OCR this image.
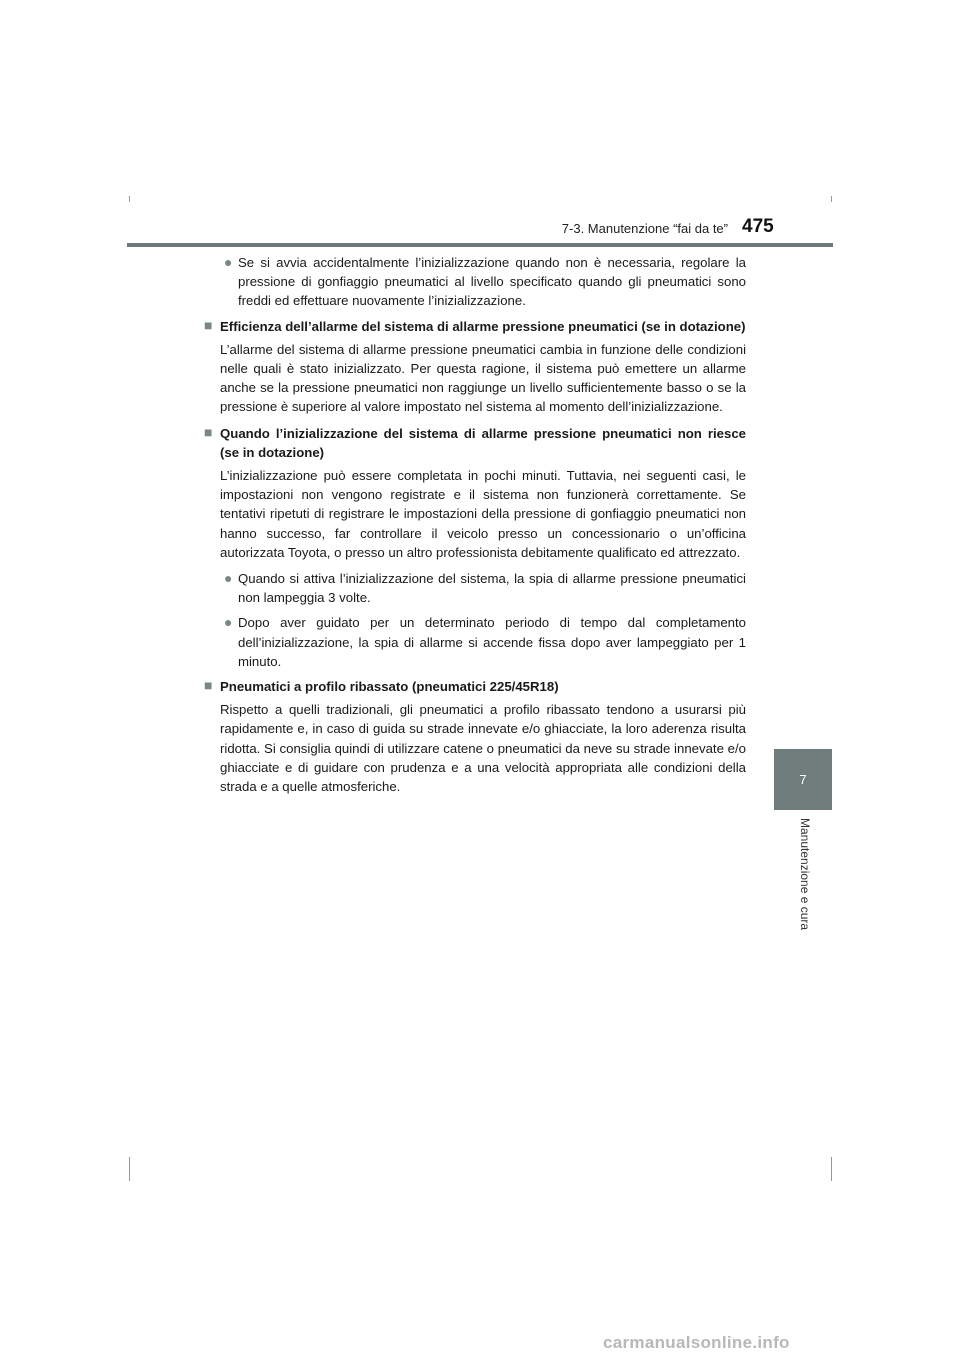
7-3. Manutenzione “fai da te” 475
7
Manutenzione e cura
● Se si avvia accidentalmente l’inizializzazione quando non è necessaria, regolare la pressione di gonfiaggio pneumatici al livello specificato quando gli pneumatici sono freddi ed effettuare nuovamente l’inizializzazione.
■ Efficienza dell’allarme del sistema di allarme pressione pneumatici (se in dotazione)
L’allarme del sistema di allarme pressione pneumatici cambia in funzione delle condizioni nelle quali è stato inizializzato. Per questa ragione, il sistema può emettere un allarme anche se la pressione pneumatici non raggiunge un livello sufficientemente basso o se la pressione è superiore al valore impostato nel sistema al momento dell’inizializzazione.
■ Quando l’inizializzazione del sistema di allarme pressione pneumatici non riesce (se in dotazione)
L’inizializzazione può essere completata in pochi minuti. Tuttavia, nei seguenti casi, le impostazioni non vengono registrate e il sistema non funzionerà correttamente. Se tentativi ripetuti di registrare le impostazioni della pressione di gonfiaggio pneumatici non hanno successo, far controllare il veicolo presso un concessionario o un’officina autorizzata Toyota, o presso un altro professionista debitamente qualificato ed attrezzato.
● Quando si attiva l’inizializzazione del sistema, la spia di allarme pressione pneumatici non lampeggia 3 volte.
● Dopo aver guidato per un determinato periodo di tempo dal completamento dell’inizializzazione, la spia di allarme si accende fissa dopo aver lampeggiato per 1 minuto.
■ Pneumatici a profilo ribassato (pneumatici 225/45R18)
Rispetto a quelli tradizionali, gli pneumatici a profilo ribassato tendono a usurarsi più rapidamente e, in caso di guida su strade innevate e/o ghiacciate, la loro aderenza risulta ridotta. Si consiglia quindi di utilizzare catene o pneumatici da neve su strade innevate e/o ghiacciate e di guidare con prudenza e a una velocità appropriata alle condizioni della strada e a quelle atmosferiche.
carmanualsonline.info
